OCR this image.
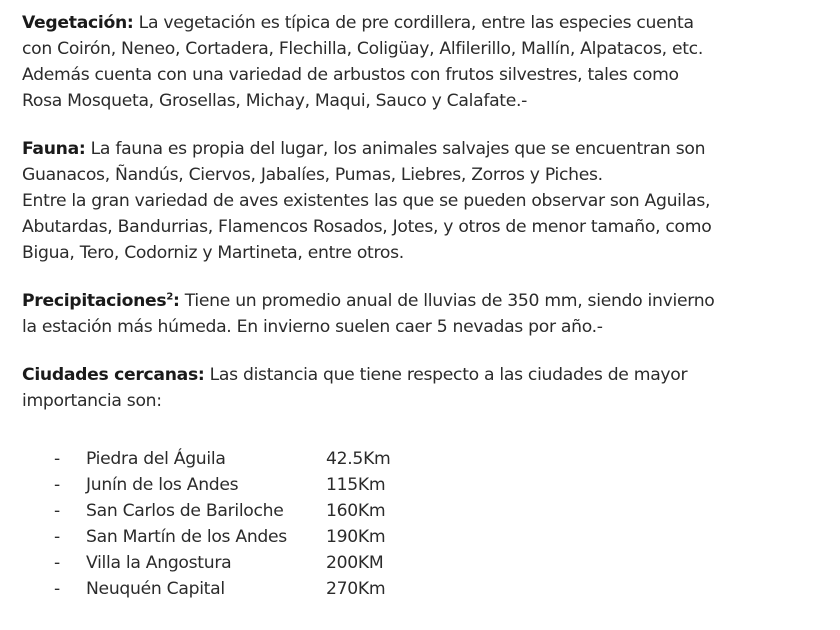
Vegetación: La vegetación es típica de pre cordillera, entre las especies cuenta
con Coirón, Neneo, Cortadera, Flechilla, Coligüay, Alfilerillo, Mallín, Alpatacos, etc.
Además cuenta con una variedad de arbustos con frutos silvestres, tales como
Rosa Mosqueta, Grosellas, Michay, Maqui, Sauco y Calafate.-

Fauna: La fauna es propia del lugar, los animales salvajes que se encuentran son
Guanacos, Ñandús, Ciervos, Jabalíes, Pumas, Liebres, Zorros y Piches.
Entre la gran variedad de aves existentes las que se pueden observar son Aguilas,
Abutardas, Bandurrias, Flamencos Rosados, Jotes, y otros de menor tamaño, como
Bigua, Tero, Codorniz y Martineta, entre otros.

Precipitaciones$^2$: Tiene un promedio anual de lluvias de 350 mm, siendo invierno
la estación más húmeda. En invierno suelen caer 5 nevadas por año.-

Ciudades cercanas: Las distancia que tiene respecto a las ciudades de mayor
importancia son:

-	Piedra del Águila	42.5Km
-	Junín de los Andes	115Km
-	San Carlos de Bariloche	160Km
-	San Martín de los Andes	190Km
-	Villa la Angostura	200KM
-	Neuquén Capital	270Km
